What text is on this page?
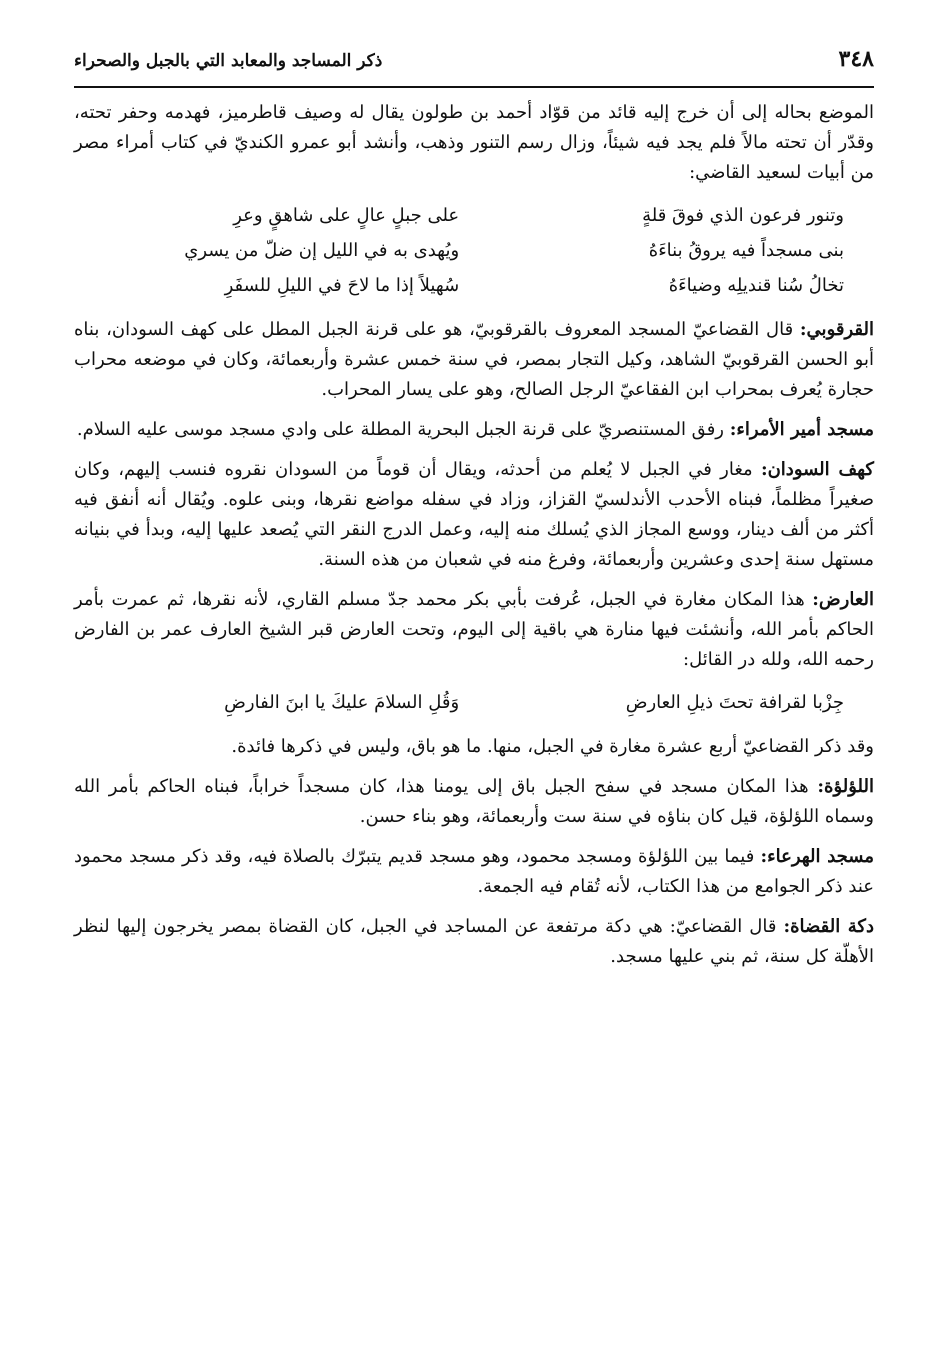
٣٤٨
ذكر المساجد والمعابد التي بالجبل والصحراء

الموضع بحاله إلى أن خرج إليه قائد من قوّاد أحمد بن طولون يقال له وصيف قاطرميز، فهدمه وحفر تحته، وقدّر أن تحته مالاً فلم يجد فيه شيئاً، وزال رسم التنور وذهب، وأنشد أبو عمرو الكنديّ في كتاب أمراء مصر من أبيات لسعيد القاضي:

وتنور فرعون الذي فوقَ قلةٍ
على جبلٍ عالٍ على شاهقٍ وعرِ
بنى مسجداً فيه يروقُ بناءَهُ
ويُهدى به في الليل إن ضلّ من يسري
تخالُ سُنا قنديلِه وضياءَهُ
سُهيلاً إذا ما لاحَ في الليلِ للسفَرِ

القرقوبي: قال القضاعيّ المسجد المعروف بالقرقوبيّ، هو على قرنة الجبل المطل على كهف السودان، بناه أبو الحسن القرقوبيّ الشاهد، وكيل التجار بمصر، في سنة خمس عشرة وأربعمائة، وكان في موضعه محراب حجارة يُعرف بمحراب ابن الفقاعيّ الرجل الصالح، وهو على يسار المحراب.

مسجد أمير الأمراء: رفق المستنصريّ على قرنة الجبل البحرية المطلة على وادي مسجد موسى عليه السلام.

كهف السودان: مغار في الجبل لا يُعلم من أحدثه، ويقال أن قوماً من السودان نقروه فنسب إليهم، وكان صغيراً مظلماً، فبناه الأحدب الأندلسيّ القزاز، وزاد في سفله مواضع نقرها، وبنى علوه. ويُقال أنه أنفق فيه أكثر من ألف دينار، ووسع المجاز الذي يُسلك منه إليه، وعمل الدرج النقر التي يُصعد عليها إليه، وبدأ في بنيانه مستهل سنة إحدى وعشرين وأربعمائة، وفرغ منه في شعبان من هذه السنة.

العارض: هذا المكان مغارة في الجبل، عُرفت بأبي بكر محمد جدّ مسلم القاري، لأنه نقرها، ثم عمرت بأمر الحاكم بأمر الله، وأنشئت فيها منارة هي باقية إلى اليوم، وتحت العارض قبر الشيخ العارف عمر بن الفارض رحمه الله، ولله در القائل:

جِزْبا لقرافة تحتَ ذيلِ العارضِ
وَقُلِ السلامَ عليكَ يا ابنَ الفارضِ

وقد ذكر القضاعيّ أربع عشرة مغارة في الجبل، منها. ما هو باق، وليس في ذكرها فائدة.

اللؤلؤة: هذا المكان مسجد في سفح الجبل باق إلى يومنا هذا، كان مسجداً خراباً، فبناه الحاكم بأمر الله وسماه اللؤلؤة، قيل كان بناؤه في سنة ست وأربعمائة، وهو بناء حسن.

مسجد الهرعاء: فيما بين اللؤلؤة ومسجد محمود، وهو مسجد قديم يتبرّك بالصلاة فيه، وقد ذكر مسجد محمود عند ذكر الجوامع من هذا الكتاب، لأنه تُقام فيه الجمعة.

دكة القضاة: قال القضاعيّ: هي دكة مرتفعة عن المساجد في الجبل، كان القضاة بمصر يخرجون إليها لنظر الأهلّة كل سنة، ثم بني عليها مسجد.
